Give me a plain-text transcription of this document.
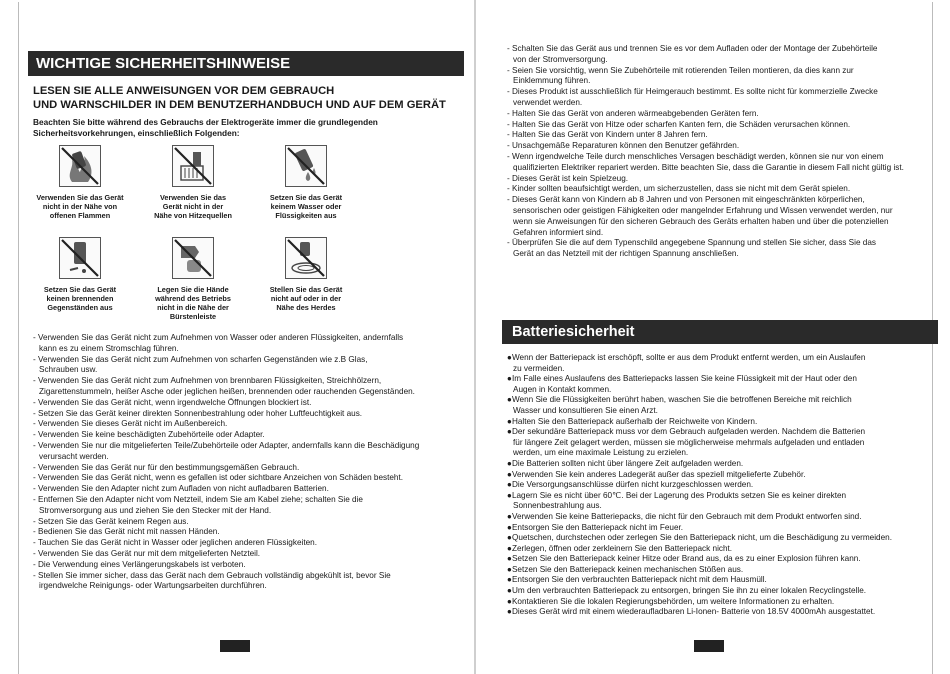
WICHTIGE SICHERHEITSHINWEISE
LESEN SIE ALLE ANWEISUNGEN VOR DEM GEBRAUCH
UND WARNSCHILDER IN DEM BENUTZERHANDBUCH UND AUF DEM GERÄT
Beachten Sie bitte während des Gebrauchs der Elektrogeräte immer die grundlegenden
Sicherheitsvorkehrungen, einschließlich Folgenden:
Verwenden Sie das Gerät
nicht in der Nähe von
offenen Flammen
Verwenden Sie das
Gerät nicht in der
Nähe von Hitzequellen
Setzen Sie das Gerät
keinem Wasser oder
Flüssigkeiten aus
Setzen Sie das Gerät
keinen brennenden
Gegenständen aus
Legen Sie die Hände
während des Betriebs
nicht in die Nähe der
Bürstenleiste
Stellen Sie das Gerät
nicht auf oder in der
Nähe des Herdes
- Verwenden Sie das Gerät nicht zum Aufnehmen von Wasser oder anderen Flüssigkeiten, andernfalls
kann es zu einem Stromschlag führen.
- Verwenden Sie das Gerät nicht zum Aufnehmen von scharfen Gegenständen wie z.B Glas,
Schrauben usw.
- Verwenden Sie das Gerät nicht zum Aufnehmen von brennbaren Flüssigkeiten, Streichhölzern,
Zigarettenstummeln, heißer Asche oder jeglichen heißen, brennenden oder rauchenden Gegenständen.
- Verwenden Sie das Gerät nicht, wenn irgendwelche Öffnungen blockiert ist.
- Setzen Sie das Gerät keiner direkten Sonnenbestrahlung oder hoher Luftfeuchtigkeit aus.
- Verwenden Sie dieses Gerät nicht im Außenbereich.
- Verwenden Sie keine beschädigten Zubehörteile oder Adapter.
- Verwenden Sie nur die mitgelieferten Teile/Zubehörteile oder Adapter, andernfalls kann die Beschädigung
verursacht werden.
- Verwenden Sie das Gerät nur für den bestimmungsgemäßen Gebrauch.
- Verwenden Sie das Gerät nicht, wenn es gefallen ist oder sichtbare Anzeichen von Schäden besteht.
- Verwenden Sie den Adapter nicht zum Aufladen von nicht aufladbaren Batterien.
- Entfernen Sie den Adapter nicht vom Netzteil, indem Sie am Kabel ziehe; schalten Sie die
Stromversorgung aus und ziehen Sie den Stecker mit der Hand.
- Setzen Sie das Gerät keinem Regen aus.
- Bedienen Sie das Gerät nicht mit nassen Händen.
- Tauchen Sie das Gerät nicht in Wasser oder jeglichen anderen Flüssigkeiten.
- Verwenden Sie das Gerät nur mit dem mitgelieferten Netzteil.
- Die Verwendung eines Verlängerungskabels ist verboten.
- Stellen Sie immer sicher, dass das Gerät nach dem Gebrauch vollständig abgekühlt ist, bevor Sie
irgendwelche Reinigungs- oder Wartungsarbeiten durchführen.
Batteriesicherheit
- Schalten Sie das Gerät aus und trennen Sie es vor dem Aufladen oder der Montage der Zubehörteile
von der Stromversorgung.
- Seien Sie vorsichtig, wenn Sie Zubehörteile mit rotierenden Teilen montieren, da dies kann zur
Einklemmung führen.
- Dieses Produkt ist ausschließlich für Heimgerauch bestimmt. Es sollte nicht für kommerzielle Zwecke
verwendet werden.
- Halten Sie das Gerät von anderen wärmeabgebenden Geräten fern.
- Halten Sie das Gerät von Hitze oder scharfen Kanten fern, die Schäden verursachen können.
- Halten Sie das Gerät von Kindern unter 8 Jahren fern.
- Unsachgemäße Reparaturen können den Benutzer gefährden.
- Wenn irgendwelche Teile durch menschliches Versagen beschädigt werden, können sie nur von einem
qualifizierten Elektriker repariert werden. Bitte beachten Sie, dass die Garantie in diesem Fall nicht gültig ist.
- Dieses Gerät ist kein Spielzeug.
- Kinder sollten beaufsichtigt werden, um sicherzustellen, dass sie nicht mit dem Gerät spielen.
- Dieses Gerät kann von Kindern ab 8 Jahren und von Personen mit eingeschränkten körperlichen,
sensorischen oder geistigen Fähigkeiten oder mangelnder Erfahrung und Wissen verwendet werden, nur
wenn sie Anweisungen für den sicheren Gebrauch des Geräts erhalten haben und über die potenziellen
Gefahren informiert sind.
- Überprüfen Sie die auf dem Typenschild angegebene Spannung und stellen Sie sicher, dass Sie das
Gerät an das Netzteil mit der richtigen Spannung anschließen.
●Wenn der Batteriepack ist erschöpft, sollte er aus dem Produkt entfernt werden, um ein Auslaufen
zu vermeiden.
●Im Falle eines Auslaufens des Batteriepacks lassen Sie keine Flüssigkeit mit der Haut oder den
Augen in Kontakt kommen.
●Wenn Sie die Flüssigkeiten berührt haben, waschen Sie die betroffenen Bereiche mit reichlich
Wasser und konsultieren Sie einen Arzt.
●Halten Sie den Batteriepack außerhalb der Reichweite von Kindern.
●Der sekundäre Batteriepack muss vor dem Gebrauch aufgeladen werden. Nachdem die Batterien
für längere Zeit gelagert werden, müssen sie möglicherweise mehrmals aufgeladen und entladen
werden, um eine maximale Leistung zu erzielen.
●Die Batterien sollten nicht über längere Zeit aufgeladen werden.
●Verwenden Sie kein anderes Ladegerät außer das speziell mitgelieferte Zubehör.
●Die Versorgungsanschlüsse dürfen nicht kurzgeschlossen werden.
●Lagern Sie es nicht über 60℃. Bei der Lagerung des Produkts setzen Sie es keiner direkten
Sonnenbestrahlung aus.
●Verwenden Sie keine Batteriepacks, die nicht für den Gebrauch mit dem Produkt entworfen sind.
●Entsorgen Sie den Batteriepack nicht im Feuer.
●Quetschen, durchstechen oder zerlegen Sie den Batteriepack nicht, um die Beschädigung zu vermeiden.
●Zerlegen, öffnen oder zerkleinern Sie den Batteriepack nicht.
●Setzen Sie den Batteriepack keiner Hitze oder Brand aus, da es zu einer Explosion führen kann.
●Setzen Sie den Batteriepack keinen mechanischen Stößen aus.
●Entsorgen Sie den verbrauchten Batteriepack nicht mit dem Hausmüll.
●Um den verbrauchten Batteriepack zu entsorgen, bringen Sie ihn zu einer lokalen Recyclingstelle.
●Kontaktieren Sie die lokalen Regierungsbehörden, um weitere Informationen zu erhalten.
●Dieses Gerät wird mit einem wiederaufladbaren Li-Ionen- Batterie von 18.5V 4000mAh ausgestattet.
